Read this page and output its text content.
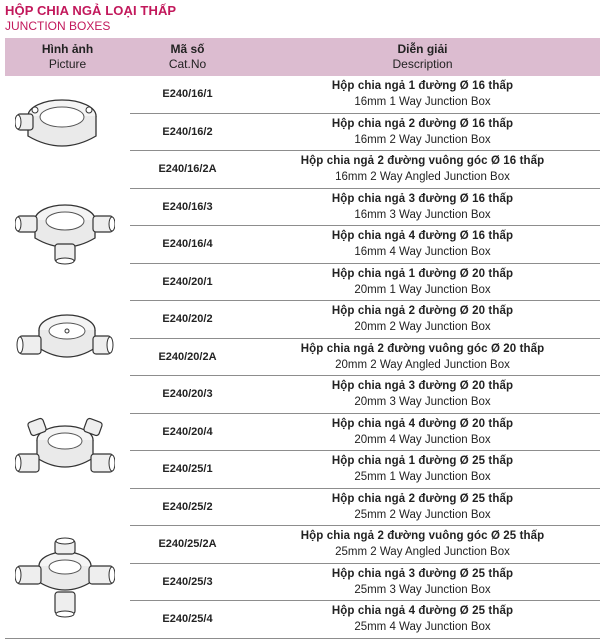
HỘP CHIA NGẢ LOẠI THẤP
JUNCTION BOXES
Hình ảnh
Picture
Mã số
Cat.No
Diễn giải
Description
E240/16/1
Hộp chia ngả 1 đường Ø 16 thấp
16mm 1 Way Junction Box
E240/16/2
Hộp chia ngả 2 đường Ø 16 thấp
16mm 2 Way Junction Box
E240/16/2A
Hộp chia ngả 2 đường vuông góc Ø 16 thấp
16mm 2 Way Angled Junction Box
E240/16/3
Hộp chia ngả 3 đường Ø 16 thấp
16mm 3 Way Junction Box
E240/16/4
Hộp chia ngả 4 đường Ø 16 thấp
16mm 4 Way Junction Box
E240/20/1
Hộp chia ngả 1 đường Ø 20 thấp
20mm 1 Way Junction Box
E240/20/2
Hộp chia ngả 2 đường Ø 20 thấp
20mm 2 Way Junction Box
E240/20/2A
Hộp chia ngả 2 đường vuông góc Ø 20 thấp
20mm 2 Way Angled Junction Box
E240/20/3
Hộp chia ngả 3 đường Ø 20 thấp
20mm 3 Way Junction Box
E240/20/4
Hộp chia ngả 4 đường Ø 20 thấp
20mm 4 Way Junction Box
E240/25/1
Hộp chia ngả 1 đường Ø 25 thấp
25mm 1 Way Junction Box
E240/25/2
Hộp chia ngả 2 đường Ø 25 thấp
25mm 2 Way Junction Box
E240/25/2A
Hộp chia ngả 2 đường vuông góc Ø 25 thấp
25mm 2 Way Angled Junction Box
E240/25/3
Hộp chia ngả 3 đường Ø 25 thấp
25mm 3 Way Junction Box
E240/25/4
Hộp chia ngả 4 đường Ø 25 thấp
25mm 4 Way Junction Box
